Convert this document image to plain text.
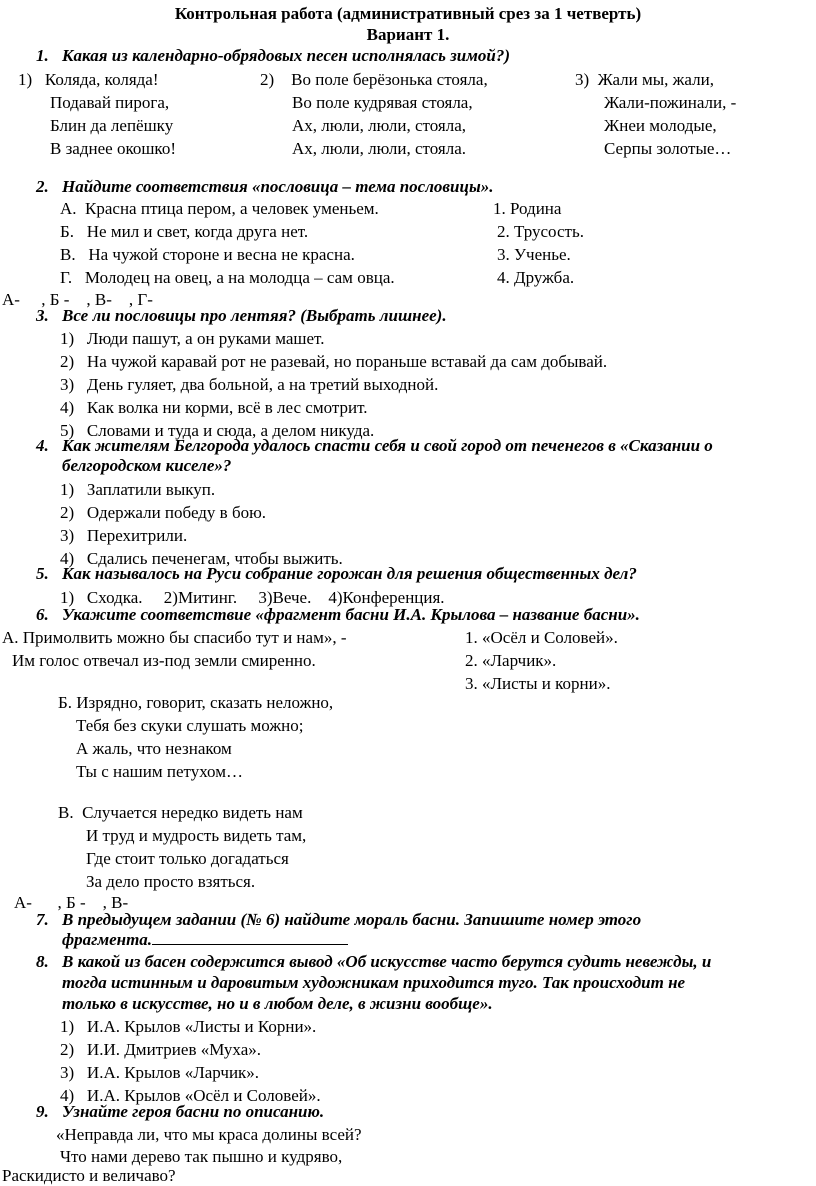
Контрольная работа (административный срез за 1 четверть)
Вариант 1.
1. Какая из календарно-обрядовых песен исполнялась зимой?)
1)   Коляда, коляда!
Подавай пирога,
Блин да лепёшку
В заднее окошко!
2)    Во поле берёзонька стояла,
Во поле кудрявая стояла,
Ах, люли, люли, стояла,
Ах, люли, люли, стояла.
3)  Жали мы, жали,
Жали-пожинали, -
Жнеи молодые,
Серпы золотые…
2. Найдите соответствия «пословица – тема пословицы».
А.  Красна птица пером, а человек уменьем.
Б.   Не мил и свет, когда друга нет.
В.   На чужой стороне и весна не красна.
Г.   Молодец на овец, а на молодца – сам овца.
1. Родина
2. Трусость.
3. Ученье.
4. Дружба.
А-     , Б -    , В-    , Г-
3. Все ли пословицы про лентяя? (Выбрать лишнее).
1)   Люди пашут, а он руками машет.
2)   На чужой каравай рот не разевай, но пораньше вставай да сам добывай.
3)   День гуляет, два больной, а на третий выходной.
4)   Как волка ни корми, всё в лес смотрит.
5)   Словами и туда и сюда, а делом никуда.
4. Как жителям Белгорода удалось спасти себя и свой город от печенегов в «Сказании о
белгородском киселе»?
1)   Заплатили выкуп.
2)   Одержали победу в бою.
3)   Перехитрили.
4)   Сдались печенегам, чтобы выжить.
5. Как называлось на Руси собрание горожан для решения общественных дел?
1)   Сходка.     2)Митинг.     3)Вече.    4)Конференция.
6. Укажите соответствие «фрагмент басни И.А. Крылова – название басни».
А. Примолвить можно бы спасибо тут и нам», -
Им голос отвечал из-под земли смиренно.
1. «Осёл и Соловей».
2. «Ларчик».
3. «Листы и корни».
Б. Изрядно, говорит, сказать неложно,
Тебя без скуки слушать можно;
А жаль, что незнаком
Ты с нашим петухом…
В.  Случается нередко видеть нам
И труд и мудрость видеть там,
Где стоит только догадаться
За дело просто взяться.
А-      , Б -    , В-
7. В предыдущем задании (№ 6) найдите мораль басни. Запишите номер этого
фрагмента.
8. В какой из басен содержится вывод «Об искусстве часто берутся судить невежды, и
тогда истинным и даровитым художникам приходится туго. Так происходит не
только в искусстве, но и в любом деле, в жизни вообще».
1)   И.А. Крылов «Листы и Корни».
2)   И.И. Дмитриев «Муха».
3)   И.А. Крылов «Ларчик».
4)   И.А. Крылов «Осёл и Соловей».
9. Узнайте героя басни по описанию.
«Неправда ли, что мы краса долины всей?
Что нами дерево так пышно и кудряво,
Раскидисто и величаво?
